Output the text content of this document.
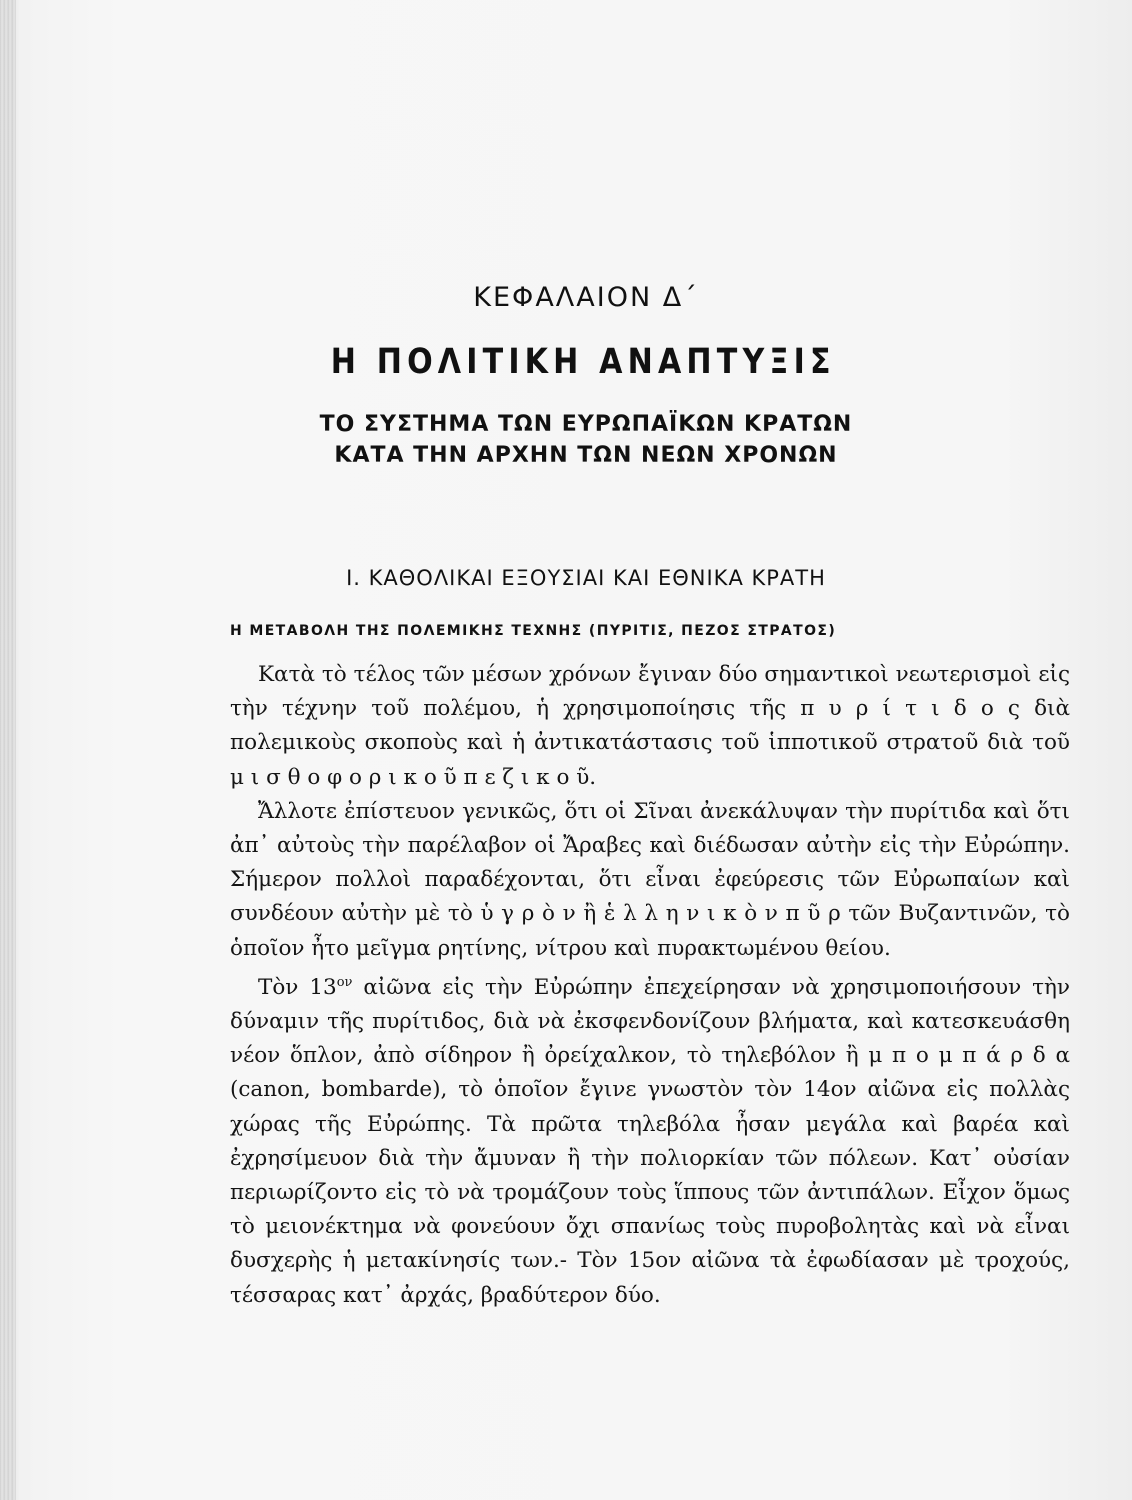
ΚΕΦΑΛΑΙΟΝ Δ΄
Η ΠΟΛΙΤΙΚΗ ΑΝΑΠΤΥΞΙΣ
ΤΟ ΣΥΣΤΗΜΑ ΤΩΝ ΕΥΡΩΠΑΪΚΩΝ ΚΡΑΤΩΝ
ΚΑΤΑ ΤΗΝ ΑΡΧΗΝ ΤΩΝ ΝΕΩΝ ΧΡΟΝΩΝ
Ι. ΚΑΘΟΛΙΚΑΙ ΕΞΟΥΣΙΑΙ ΚΑΙ ΕΘΝΙΚΑ ΚΡΑΤΗ
Η ΜΕΤΑΒΟΛΗ ΤΗΣ ΠΟΛΕΜΙΚΗΣ ΤΕΧΝΗΣ (ΠΥΡΙΤΙΣ, ΠΕΖΟΣ ΣΤΡΑΤΟΣ)

Κατὰ τὸ τέλος τῶν μέσων χρόνων ἔγιναν δύο σημαντικοὶ νεωτερισμοὶ εἰς τὴν τέχνην τοῦ πολέμου, ἡ χρησιμοποίησις τῆς π υ ρ ί τ ι δ ο ς διὰ πολεμικοὺς σκοποὺς καὶ ἡ ἀντικατάστασις τοῦ ἱππoτικοῦ στρατοῦ διὰ τοῦ μ ι σ θ ο φ ο ρ ι κ ο ῦ π ε ζ ι κ ο ῦ.

Ἄλλοτε ἐπίστευον γενικῶς, ὅτι οἱ Σῖναι ἀνεκάλυψαν τὴν πυρίτιδα καὶ ὅτι ἀπ᾿ αὐτοὺς τὴν παρέλαβον οἱ Ἄραβες καὶ διέδωσαν αὐτὴν εἰς τὴν Εὐρώπην. Σήμερον πολλοὶ παραδέχονται, ὅτι εἶναι ἐφεύρεσις τῶν Εὐρωπαίων καὶ συνδέουν αὐτὴν μὲ τὸ ὑ γ ρ ὸ ν ἢ ἑ λ λ η ν ι κ ὸ ν π ῦ ρ τῶν Βυζαντινῶν, τὸ ὁποῖον ἦτο μεῖγμα ρητίνης, νίτρου καὶ πυρακτωμένου θείου.

Τὸν $13^{o\nu}$ αἰῶνα εἰς τὴν Εὐρώπην ἐπεχείρησαν νὰ χρησιμοποιήσουν τὴν δύναμιν τῆς πυρίτιδος, διὰ νὰ ἐκσφενδονίζουν βλήματα, καὶ κατεσκευάσθη νέον ὅπλον, ἀπὸ σίδηρον ἢ ὀρείχαλκον, τὸ τηλεβόλον ἢ μ π ο μ π ά ρ δ α (canon, bombarde), τὸ ὁποῖον ἔγινε γνωστὸν τὸν 14ον αἰῶνα εἰς πολλὰς χώρας τῆς Εὐρώπης. Τὰ πρῶτα τηλεβόλα ἦσαν μεγάλα καὶ βαρέα καὶ ἐχρησίμευον διὰ τὴν ἄμυναν ἢ τὴν πολιορκίαν τῶν πόλεων. Κατ᾿ οὐσίαν περιωρίζοντο εἰς τὸ νὰ τρομάζουν τοὺς ἵππους τῶν ἀντιπάλων. Εἶχον ὅμως τὸ μειονέκτημα νὰ φονεύουν ὄχι σπανίως τοὺς πυροβολητὰς καὶ νὰ εἶναι δυσχερὴς ἡ μετακίνησίς των.- Τὸν 15ον αἰῶνα τὰ ἐφωδίασαν μὲ τροχούς, τέσσαρας κατ᾿ ἀρχάς, βραδύτερον δύο.
